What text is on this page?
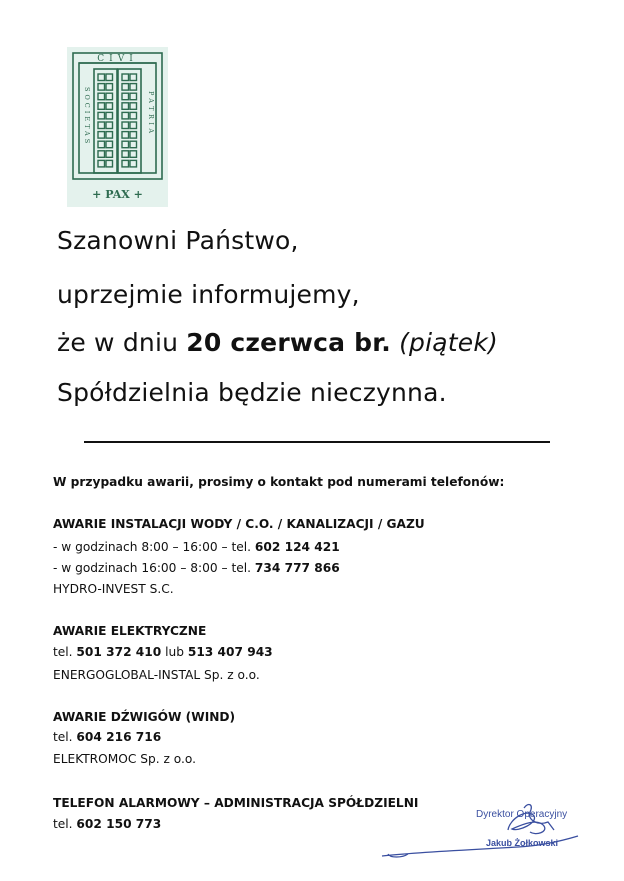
CIVI
SOCIETAS	PATRIA
+ PAX +
Szanowni Państwo,
uprzejmie informujemy,
że w dniu 20 czerwca br. (piątek)
Spółdzielnia będzie nieczynna.
W przypadku awarii, prosimy o kontakt pod numerami telefonów:
AWARIE INSTALACJI WODY / C.O. / KANALIZACJI / GAZU
- w godzinach 8:00 – 16:00 – tel. 602 124 421
- w godzinach 16:00 – 8:00 – tel. 734 777 866
HYDRO-INVEST S.C.
AWARIE ELEKTRYCZNE
tel. 501 372 410 lub 513 407 943
ENERGOGLOBAL-INSTAL Sp. z o.o.
AWARIE DŹWIGÓW (WIND)
tel. 604 216 716
ELEKTROMOC Sp. z o.o.
TELEFON ALARMOWY – ADMINISTRACJA SPÓŁDZIELNI
tel. 602 150 773
Dyrektor Operacyjny
Jakub Żołkowski
